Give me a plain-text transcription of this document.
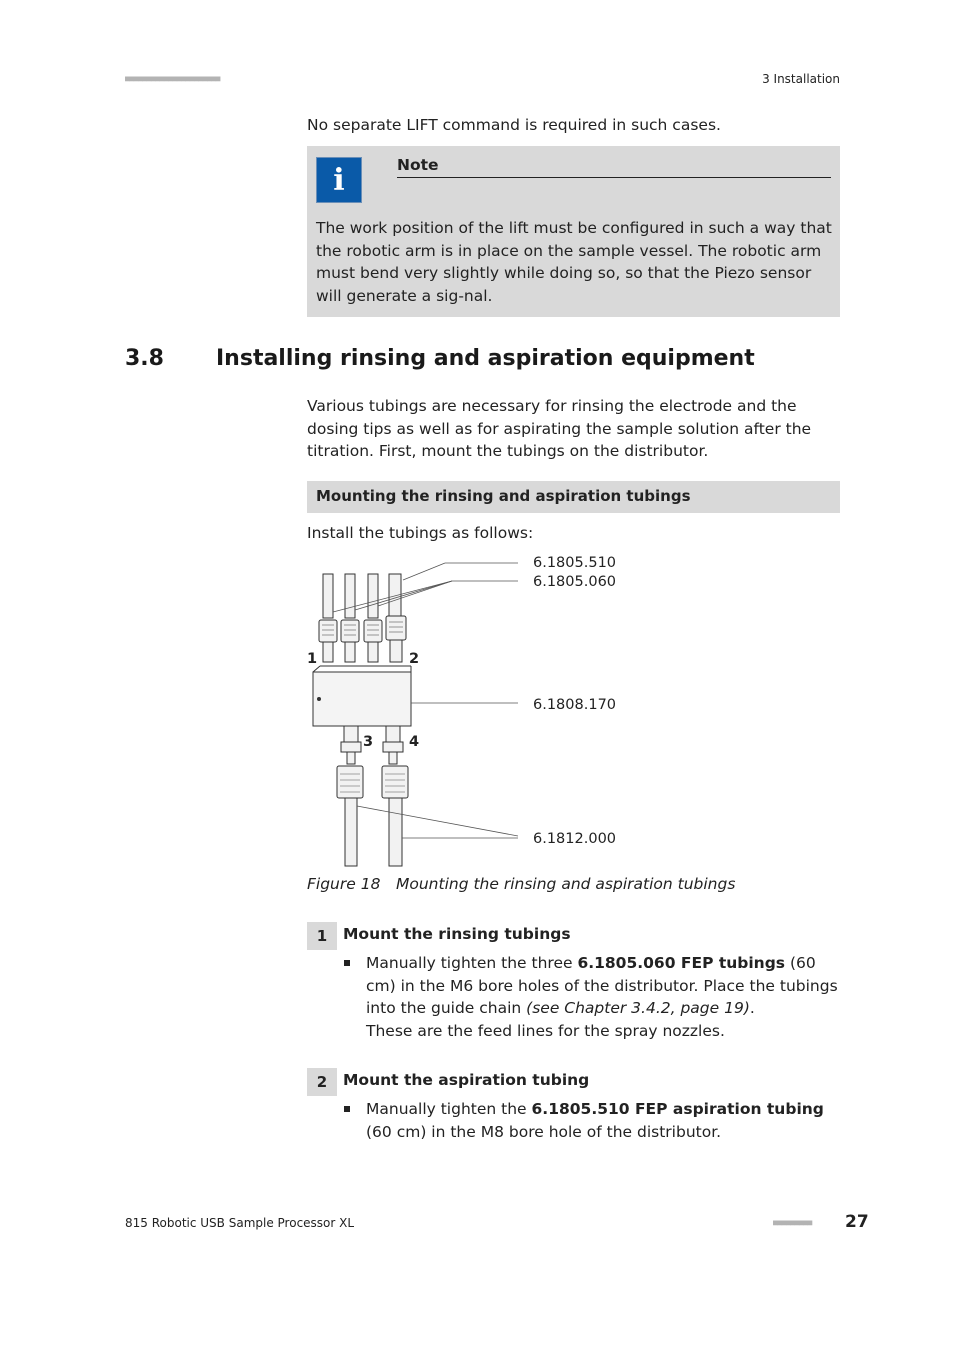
■■■■■■■■■■■■■■■■■■■■■■	3 Installation
No separate LIFT command is required in such cases.
i	Note
The work position of the lift must be configured in such a way that the robotic arm is in place on the sample vessel. The robotic arm must bend very slightly while doing so, so that the Piezo sensor will generate a sig-nal.
3.8 Installing rinsing and aspiration equipment
Various tubings are necessary for rinsing the electrode and the dosing tips as well as for aspirating the sample solution after the titration. First, mount the tubings on the distributor.
Mounting the rinsing and aspiration tubings
Install the tubings as follows:
6.1805.510
6.1805.060
6.1808.170
6.1812.000
1	2
3 4
Figure 18 Mounting the rinsing and aspiration tubings
1	Mount the rinsing tubings
Manually tighten the three 6.1805.060 FEP tubings (60 cm) in the M6 bore holes of the distributor. Place the tubings into the guide chain (see Chapter 3.4.2, page 19).
These are the feed lines for the spray nozzles.
2	Mount the aspiration tubing
Manually tighten the 6.1805.510 FEP aspiration tubing (60 cm) in the M8 bore hole of the distributor.
815 Robotic USB Sample Processor XL	■■■■■■■■■ 27
